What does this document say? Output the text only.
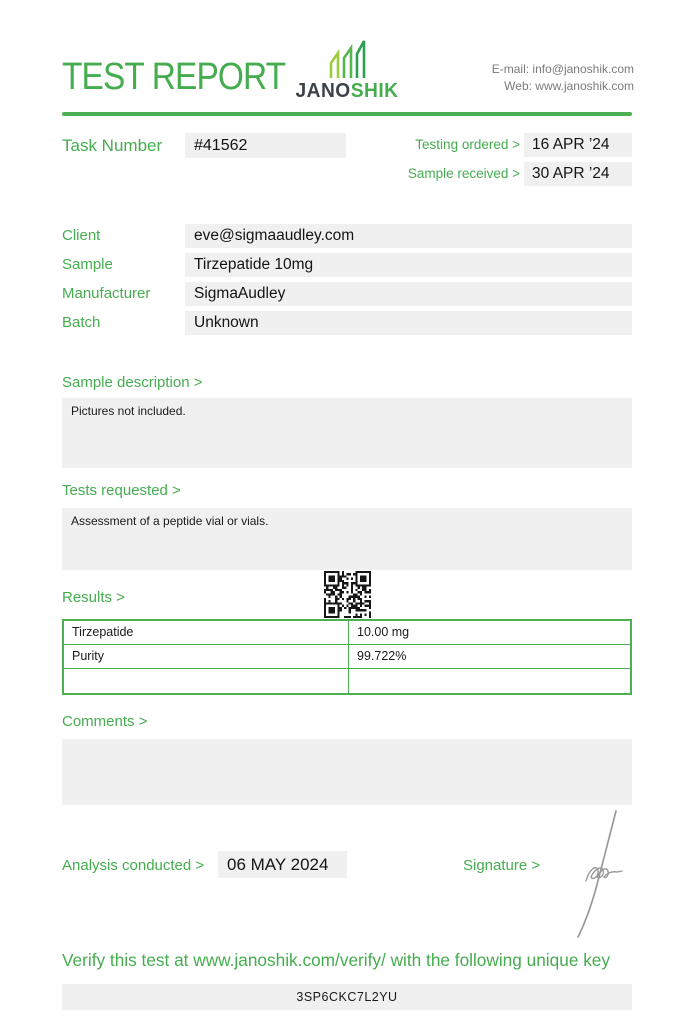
TEST REPORT JANOSHIK
E-mail: info@janoshik.com
Web: www.janoshik.com
Task Number	#41562	Testing ordered > 16 APR ’24
Sample received > 30 APR ’24
Client	eve@sigmaaudley.com
Sample	Tirzepatide 10mg
Manufacturer	SigmaAudley
Batch	Unknown
Sample description >
Pictures not included.
Tests requested >
Assessment of a peptide vial or vials.
Results >
Tirzepatide	10.00 mg
Purity	99.722%
Comments >
Analysis conducted >	06 MAY 2024	Signature >
Verify this test at www.janoshik.com/verify/ with the following unique key
3SP6CKC7L2YU
